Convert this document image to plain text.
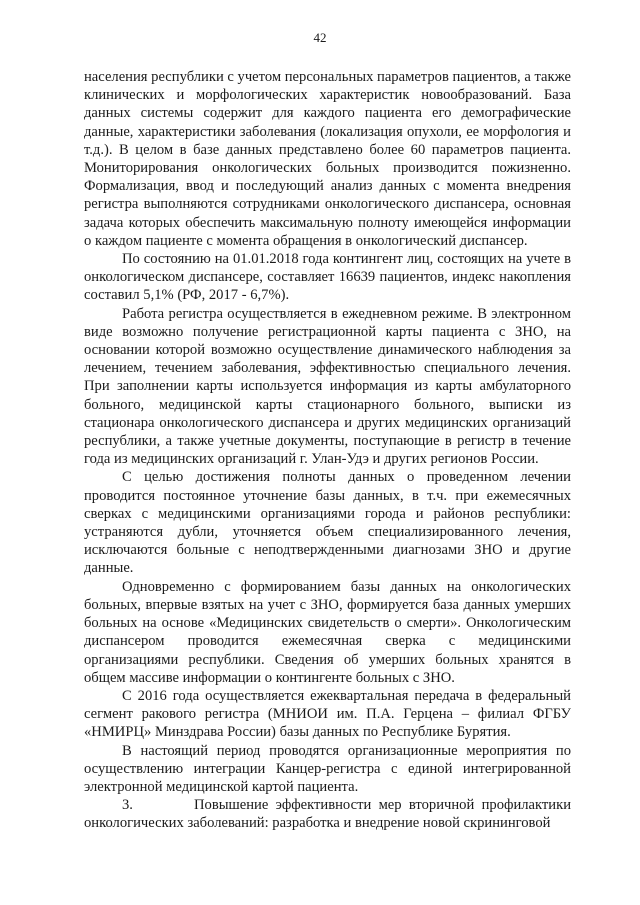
42

населения республики с учетом персональных параметров пациентов, а также клинических и морфологических характеристик новообразований. База данных системы содержит для каждого пациента его демографические данные, характеристики заболевания (локализация опухоли, ее морфология и т.д.). В целом в базе данных представлено более 60 параметров пациента. Мониторирования онкологических больных производится пожизненно. Формализация, ввод и последующий анализ данных с момента внедрения регистра выполняются сотрудниками онкологического диспансера, основная задача которых обеспечить максимальную полноту имеющейся информации о каждом пациенте с момента обращения в онкологический диспансер.

По состоянию на 01.01.2018 года контингент лиц, состоящих на учете в онкологическом диспансере, составляет 16639 пациентов, индекс накопления составил 5,1% (РФ, 2017 - 6,7%).

Работа регистра осуществляется в ежедневном режиме. В электронном виде возможно получение регистрационной карты пациента с ЗНО, на основании которой возможно осуществление динамического наблюдения за лечением, течением заболевания, эффективностью специального лечения. При заполнении карты используется информация из карты амбулаторного больного, медицинской карты стационарного больного, выписки из стационара онкологического диспансера и других медицинских организаций республики, а также учетные документы, поступающие в регистр в течение года из медицинских организаций г. Улан-Удэ и других регионов России.

С целью достижения полноты данных о проведенном лечении проводится постоянное уточнение базы данных, в т.ч. при ежемесячных сверках с медицинскими организациями города и районов республики: устраняются дубли, уточняется объем специализированного лечения, исключаются больные с неподтвержденными диагнозами ЗНО и другие данные.

Одновременно с формированием базы данных на онкологических больных, впервые взятых на учет с ЗНО, формируется база данных умерших больных на основе «Медицинских свидетельств о смерти». Онкологическим диспансером проводится ежемесячная сверка с медицинскими организациями республики. Сведения об умерших больных хранятся в общем массиве информации о контингенте больных с ЗНО.

С 2016 года осуществляется ежеквартальная передача в федеральный сегмент ракового регистра (МНИОИ им. П.А. Герцена – филиал ФГБУ «НМИРЦ» Минздрава России) базы данных по Республике Бурятия.

В настоящий период проводятся организационные мероприятия по осуществлению интеграции Канцер-регистра с единой интегрированной электронной медицинской картой пациента.

3.	Повышение эффективности мер вторичной профилактики онкологических заболеваний: разработка и внедрение новой скрининговой
